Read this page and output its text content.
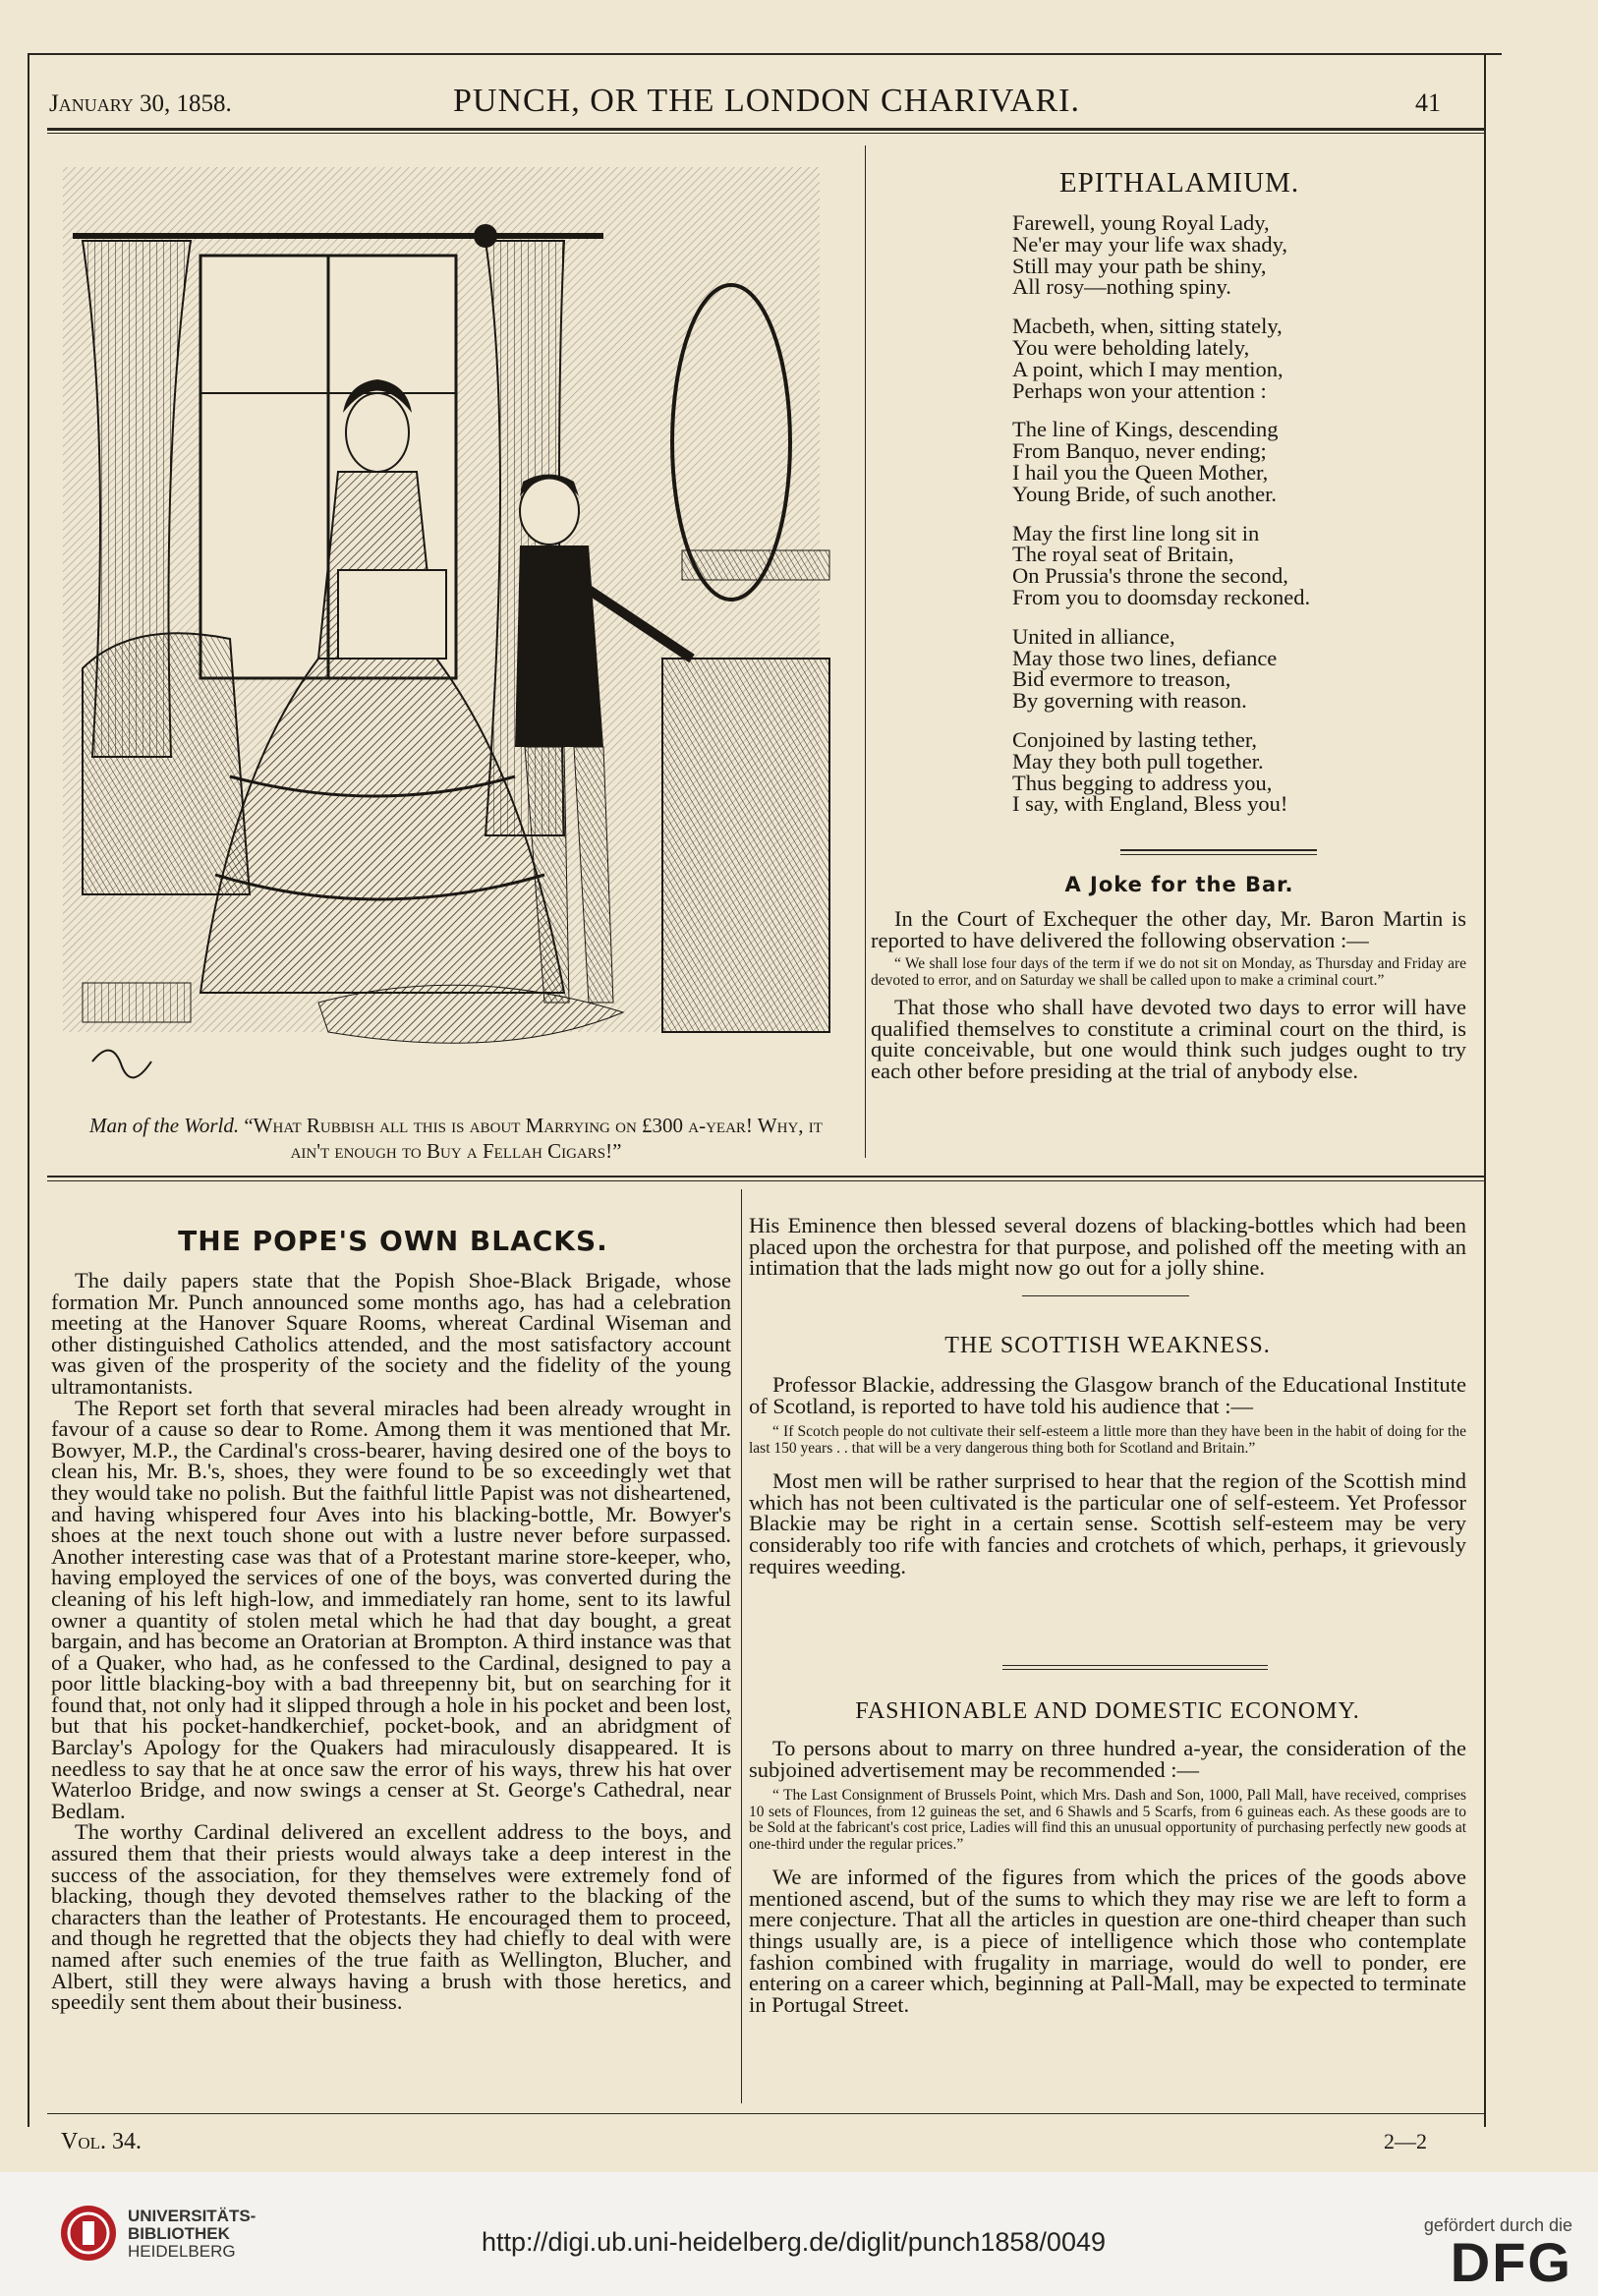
January 30, 1858.	PUNCH, OR THE LONDON CHARIVARI.	41
Man of the World. “What Rubbish all this is about Marrying on £300 a-year! Why, it ain't enough to Buy a Fellah Cigars!”
EPITHALAMIUM.

Farewell, young Royal Lady,
Ne'er may your life wax shady,
Still may your path be shiny,
All rosy—nothing spiny.

Macbeth, when, sitting stately,
You were beholding lately,
A point, which I may mention,
Perhaps won your attention :

The line of Kings, descending
From Banquo, never ending;
I hail you the Queen Mother,
Young Bride, of such another.

May the first line long sit in
The royal seat of Britain,
On Prussia's throne the second,
From you to doomsday reckoned.

United in alliance,
May those two lines, defiance
Bid evermore to treason,
By governing with reason.

Conjoined by lasting tether,
May they both pull together.
Thus begging to address you,
I say, with England, Bless you!

A Joke for the Bar.

In the Court of Exchequer the other day, Mr. Baron Martin is reported to have delivered the following observation :—

“ We shall lose four days of the term if we do not sit on Monday, as Thursday and Friday are devoted to error, and on Saturday we shall be called upon to make a criminal court.”

That those who shall have devoted two days to error will have qualified themselves to constitute a criminal court on the third, is quite conceivable, but one would think such judges ought to try each other before presiding at the trial of anybody else.

THE POPE'S OWN BLACKS.

The daily papers state that the Popish Shoe-Black Brigade, whose formation Mr. Punch announced some months ago, has had a celebration meeting at the Hanover Square Rooms, whereat Cardinal Wiseman and other distinguished Catholics attended, and the most satisfactory account was given of the prosperity of the society and the fidelity of the young ultramontanists.

The Report set forth that several miracles had been already wrought in favour of a cause so dear to Rome. Among them it was mentioned that Mr. Bowyer, M.P., the Cardinal's cross-bearer, having desired one of the boys to clean his, Mr. B.'s, shoes, they were found to be so exceedingly wet that they would take no polish. But the faithful little Papist was not disheartened, and having whispered four Aves into his blacking-bottle, Mr. Bowyer's shoes at the next touch shone out with a lustre never before surpassed. Another interesting case was that of a Protestant marine store-keeper, who, having employed the services of one of the boys, was converted during the cleaning of his left high-low, and immediately ran home, sent to its lawful owner a quantity of stolen metal which he had that day bought, a great bargain, and has become an Oratorian at Brompton. A third instance was that of a Quaker, who had, as he confessed to the Cardinal, designed to pay a poor little blacking-boy with a bad threepenny bit, but on searching for it found that, not only had it slipped through a hole in his pocket and been lost, but that his pocket-handkerchief, pocket-book, and an abridgment of Barclay's Apology for the Quakers had miraculously disappeared. It is needless to say that he at once saw the error of his ways, threw his hat over Waterloo Bridge, and now swings a censer at St. George's Cathedral, near Bedlam.

The worthy Cardinal delivered an excellent address to the boys, and assured them that their priests would always take a deep interest in the success of the association, for they themselves were extremely fond of blacking, though they devoted themselves rather to the blacking of the characters than the leather of Protestants. He encouraged them to proceed, and though he regretted that the objects they had chiefly to deal with were named after such enemies of the true faith as Wellington, Blucher, and Albert, still they were always having a brush with those heretics, and speedily sent them about their business.

His Eminence then blessed several dozens of blacking-bottles which had been placed upon the orchestra for that purpose, and polished off the meeting with an intimation that the lads might now go out for a jolly shine.

THE SCOTTISH WEAKNESS.

Professor Blackie, addressing the Glasgow branch of the Educational Institute of Scotland, is reported to have told his audience that :—

“ If Scotch people do not cultivate their self-esteem a little more than they have been in the habit of doing for the last 150 years . . that will be a very dangerous thing both for Scotland and Britain.”

Most men will be rather surprised to hear that the region of the Scottish mind which has not been cultivated is the particular one of self-esteem. Yet Professor Blackie may be right in a certain sense. Scottish self-esteem may be very considerably too rife with fancies and crotchets of which, perhaps, it grievously requires weeding.

FASHIONABLE AND DOMESTIC ECONOMY.

To persons about to marry on three hundred a-year, the consideration of the subjoined advertisement may be recommended :—

“ The Last Consignment of Brussels Point, which Mrs. Dash and Son, 1000, Pall Mall, have received, comprises 10 sets of Flounces, from 12 guineas the set, and 6 Shawls and 5 Scarfs, from 6 guineas each. As these goods are to be Sold at the fabricant's cost price, Ladies will find this an unusual opportunity of purchasing perfectly new goods at one-third under the regular prices.”

We are informed of the figures from which the prices of the goods above mentioned ascend, but of the sums to which they may rise we are left to form a mere conjecture. That all the articles in question are one-third cheaper than such things usually are, is a piece of intelligence which those who contemplate fashion combined with frugality in marriage, would do well to ponder, ere entering on a career which, beginning at Pall-Mall, may be expected to terminate in Portugal Street.

Vol. 34.	2—2
UNIVERSITÄTS-
BIBLIOTHEK
HEIDELBERG	http://digi.ub.uni-heidelberg.de/diglit/punch1858/0049
gefördert durch die
DFG
